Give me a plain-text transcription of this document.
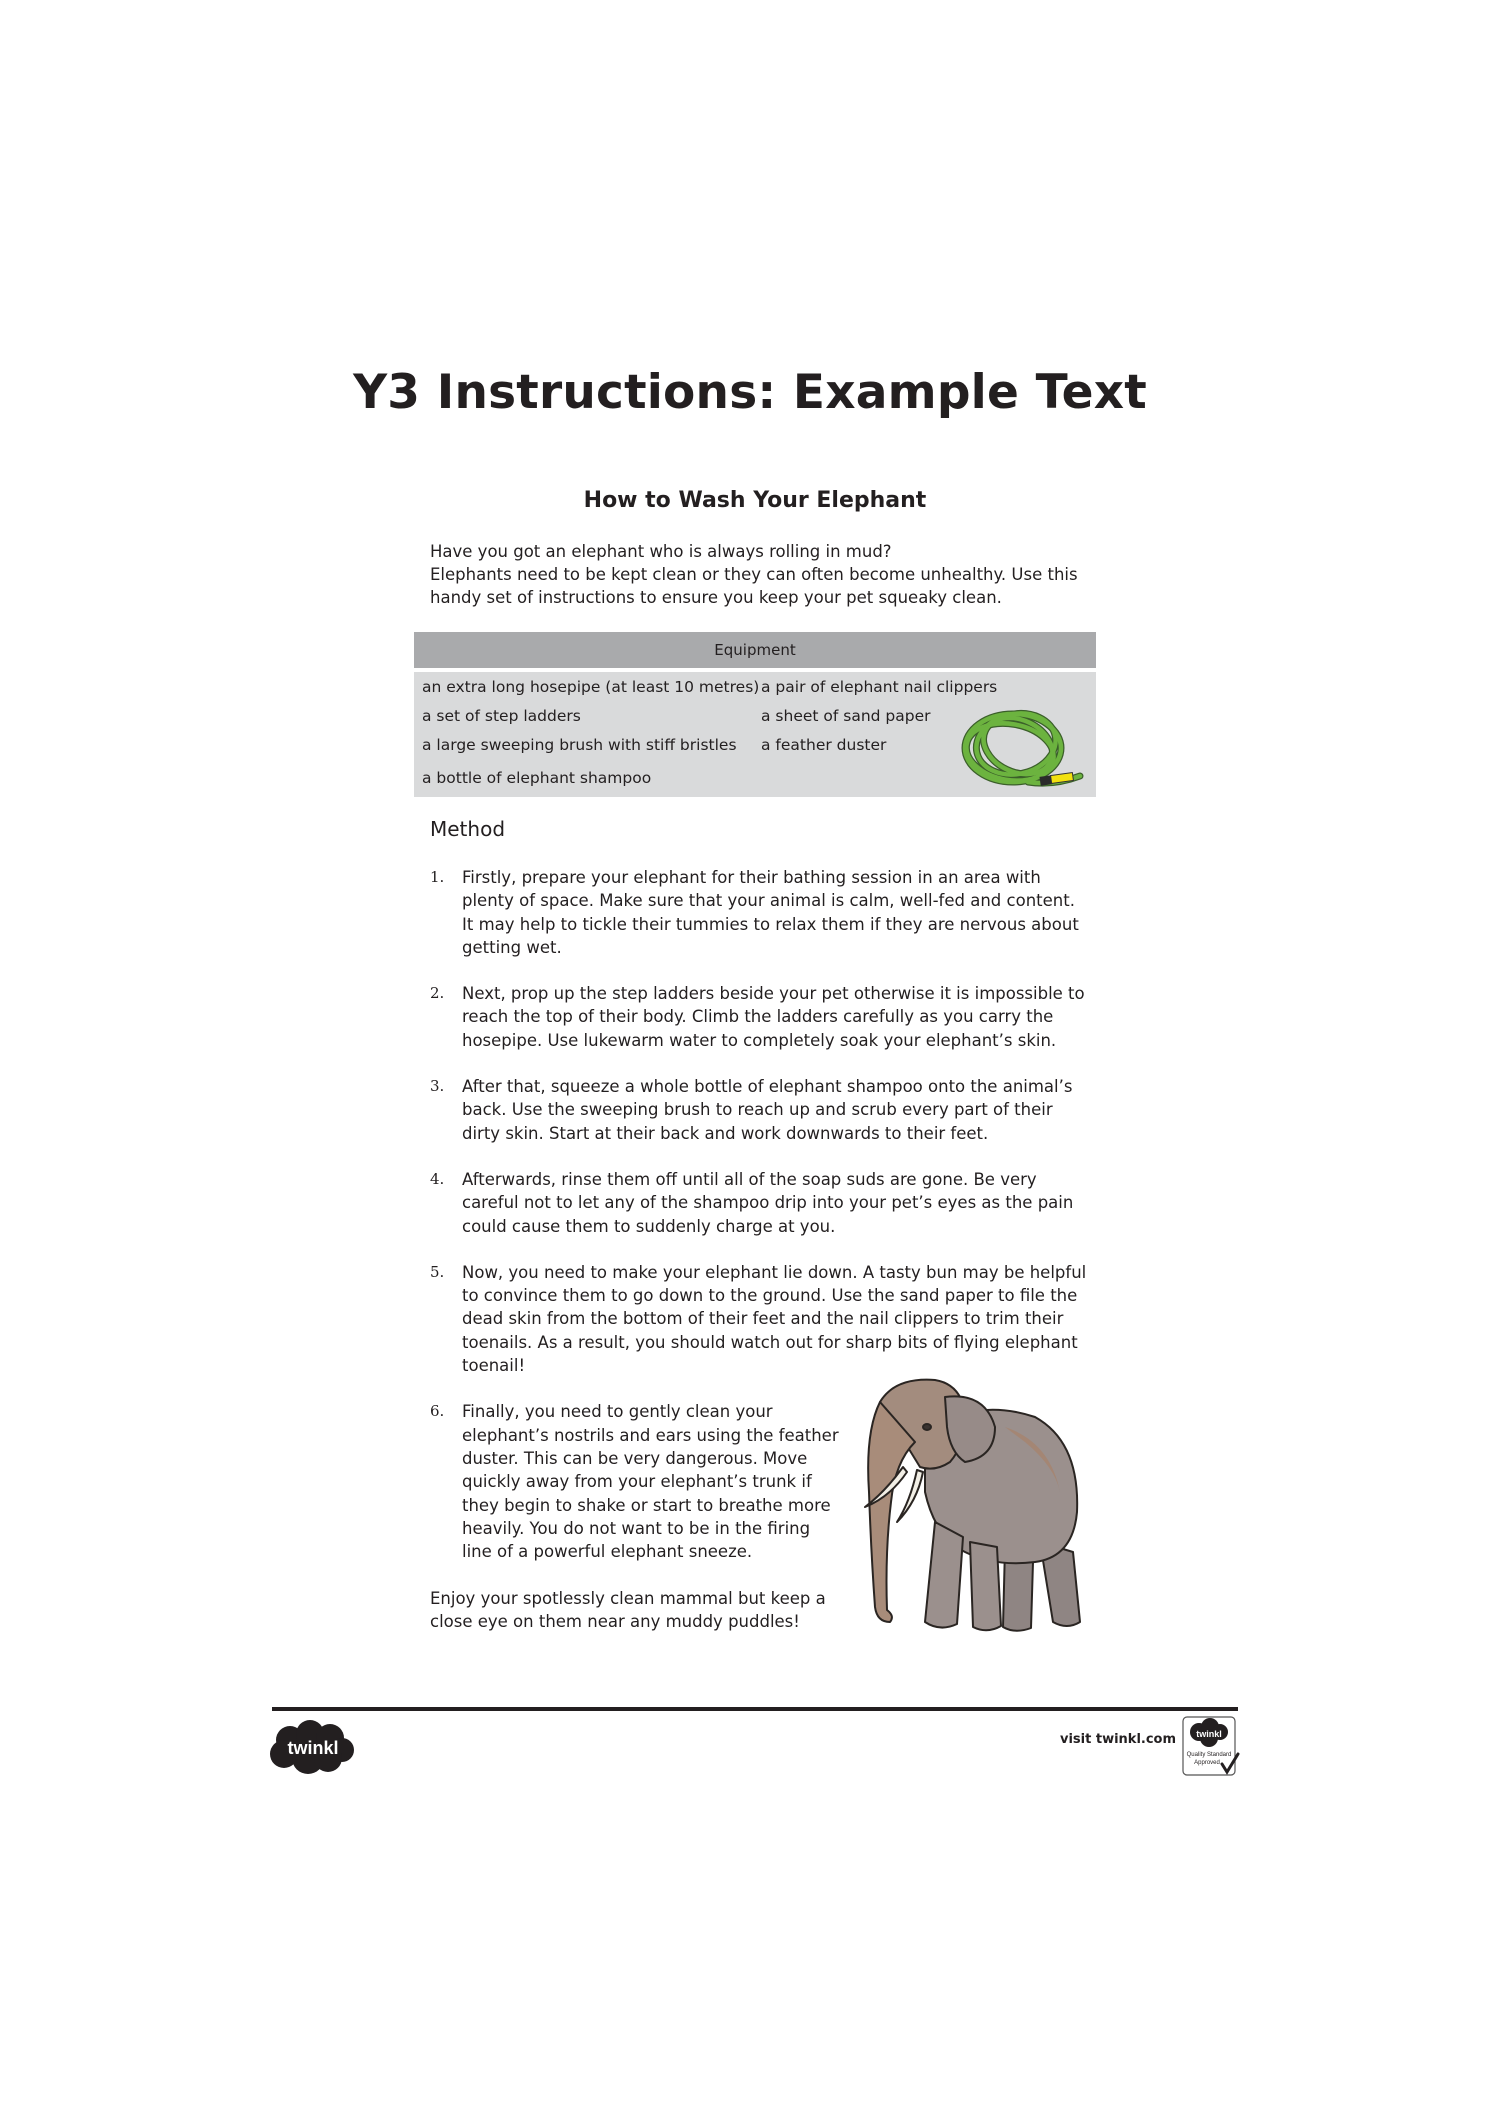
Y3 Instructions: Example Text
How to Wash Your Elephant

Have you got an elephant who is always rolling in mud?
Elephants need to be kept clean or they can often become unhealthy. Use this handy set of instructions to ensure you keep your pet squeaky clean.

Equipment
an extra long hosepipe (at least 10 metres)
a set of step ladders
a large sweeping brush with stiff bristles
a bottle of elephant shampoo
a pair of elephant nail clippers
a sheet of sand paper
a feather duster
Method
1. Firstly, prepare your elephant for their bathing session in an area with plenty of space. Make sure that your animal is calm, well-fed and content. It may help to tickle their tummies to relax them if they are nervous about getting wet.
2. Next, prop up the step ladders beside your pet otherwise it is impossible to reach the top of their body. Climb the ladders carefully as you carry the hosepipe. Use lukewarm water to completely soak your elephant’s skin.
3. After that, squeeze a whole bottle of elephant shampoo onto the animal’s back. Use the sweeping brush to reach up and scrub every part of their dirty skin. Start at their back and work downwards to their feet.
4. Afterwards, rinse them off until all of the soap suds are gone. Be very careful not to let any of the shampoo drip into your pet’s eyes as the pain could cause them to suddenly charge at you.
5. Now, you need to make your elephant lie down. A tasty bun may be helpful to convince them to go down to the ground. Use the sand paper to file the dead skin from the bottom of their feet and the nail clippers to trim their toenails. As a result, you should watch out for sharp bits of flying elephant toenail!
6. Finally, you need to gently clean your elephant’s nostrils and ears using the feather duster. This can be very dangerous. Move quickly away from your elephant’s trunk if they begin to shake or start to breathe more heavily. You do not want to be in the firing line of a powerful elephant sneeze.

Enjoy your spotlessly clean mammal but keep a close eye on them near any muddy puddles!

twinkl	visit twinkl.com twinkl
Quality Standard
Approved
